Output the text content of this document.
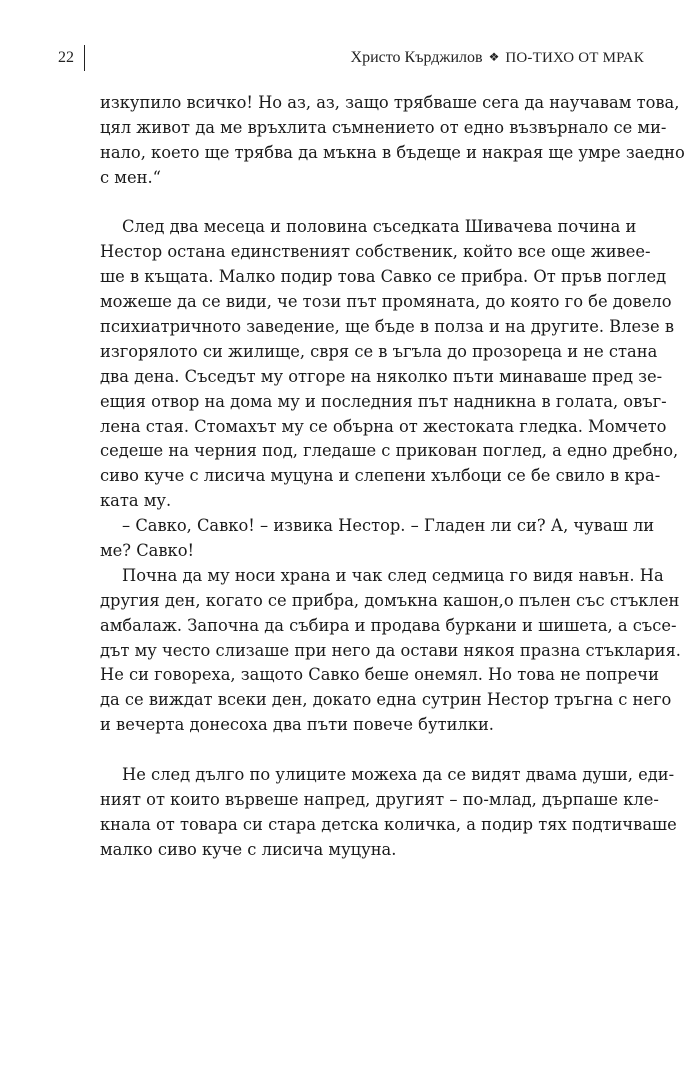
22	Христо Кърджилов ❖ ПО-ТИХО ОТ МРАК
изкупило всичко! Но аз, аз, защо трябваше сега да научавам това,
цял живот да ме връхлита съмнението от едно възвърнало се ми-
нало, което ще трябва да мъкна в бъдеще и накрая ще умре заедно
с мен.“
След два месеца и половина съседката Шивачева почина и
Нестор остана единственият собственик, който все още живее-
ше в къщата. Малко подир това Савко се прибра. От пръв поглед
можеше да се види, че този път промяната, до която го бе довело
психиатричното заведение, ще бъде в полза и на другите. Влезе в
изгорялото си жилище, свря се в ъгъла до прозореца и не стана
два дена. Съседът му отгоре на няколко пъти минаваше пред зе-
ещия отвор на дома му и последния път надникна в голата, овъг-
лена стая. Стомахът му се обърна от жестоката гледка. Момчето
седеше на черния под, гледаше с прикован поглед, а едно дребно,
сиво куче с лисича муцуна и слепени хълбоци се бе свило в кра-
ката му.
– Савко, Савко! – извика Нестор. – Гладен ли си? А, чуваш ли
ме? Савко!
Почна да му носи храна и чак след седмица го видя навън. На
другия ден, когато се прибра, домъкна кашон,о пълен със стъклен
амбалаж. Започна да събира и продава буркани и шишета, а съсе-
дът му често слизаше при него да остави някоя празна стъклария.
Не си говореха, защото Савко беше онемял. Но това не попречи
да се виждат всеки ден, докато една сутрин Нестор тръгна с него
и вечерта донесоха два пъти повече бутилки.
Не след дълго по улиците можеха да се видят двама души, еди-
ният от които вървеше напред, другият – по-млад, дърпаше кле-
кнала от товара си стара детска количка, а подир тях подтичваше
малко сиво куче с лисича муцуна.
